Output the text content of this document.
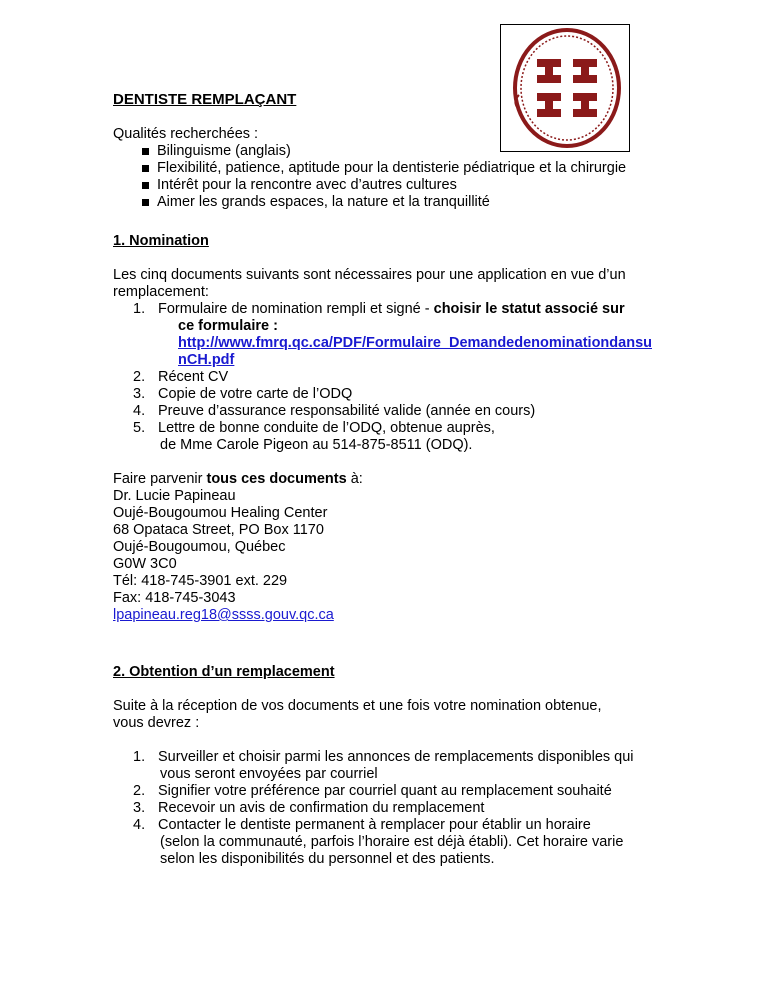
DENTISTE REMPLAÇANT

Qualités recherchées :

Bilinguisme (anglais)
Flexibilité, patience, aptitude pour la dentisterie pédiatrique et la chirurgie
Intérêt pour la rencontre avec d’autres cultures
Aimer les grands espaces, la nature et la tranquillité

1. Nomination

Les cinq documents suivants sont nécessaires pour une application en vue d’un

remplacement:

1. Formulaire de nomination rempli et signé - choisir le statut associé sur
ce formulaire :
http://www.fmrq.qc.ca/PDF/Formulaire_Demandedenominationdansu
nCH.pdf
2. Récent CV
3. Copie de votre carte de l’ODQ
4. Preuve d’assurance responsabilité valide (année en cours)
5. Lettre de bonne conduite de l’ODQ, obtenue auprès,
de Mme Carole Pigeon au 514-875-8511 (ODQ).

Faire parvenir tous ces documents à:

Dr. Lucie Papineau

Oujé-Bougoumou Healing Center

68 Opataca Street, PO Box 1170

Oujé-Bougoumou, Québec

G0W 3C0

Tél: 418-745-3901 ext. 229

Fax: 418-745-3043

lpapineau.reg18@ssss.gouv.qc.ca

2. Obtention d’un remplacement

Suite à la réception de vos documents et une fois votre nomination obtenue,

vous devrez :

1. Surveiller et choisir parmi les annonces de remplacements disponibles qui
vous seront envoyées par courriel
2. Signifier votre préférence par courriel quant au remplacement souhaité
3. Recevoir un avis de confirmation du remplacement
4. Contacter le dentiste permanent à remplacer pour établir un horaire
(selon la communauté, parfois l’horaire est déjà établi). Cet horaire varie
selon les disponibilités du personnel et des patients.
